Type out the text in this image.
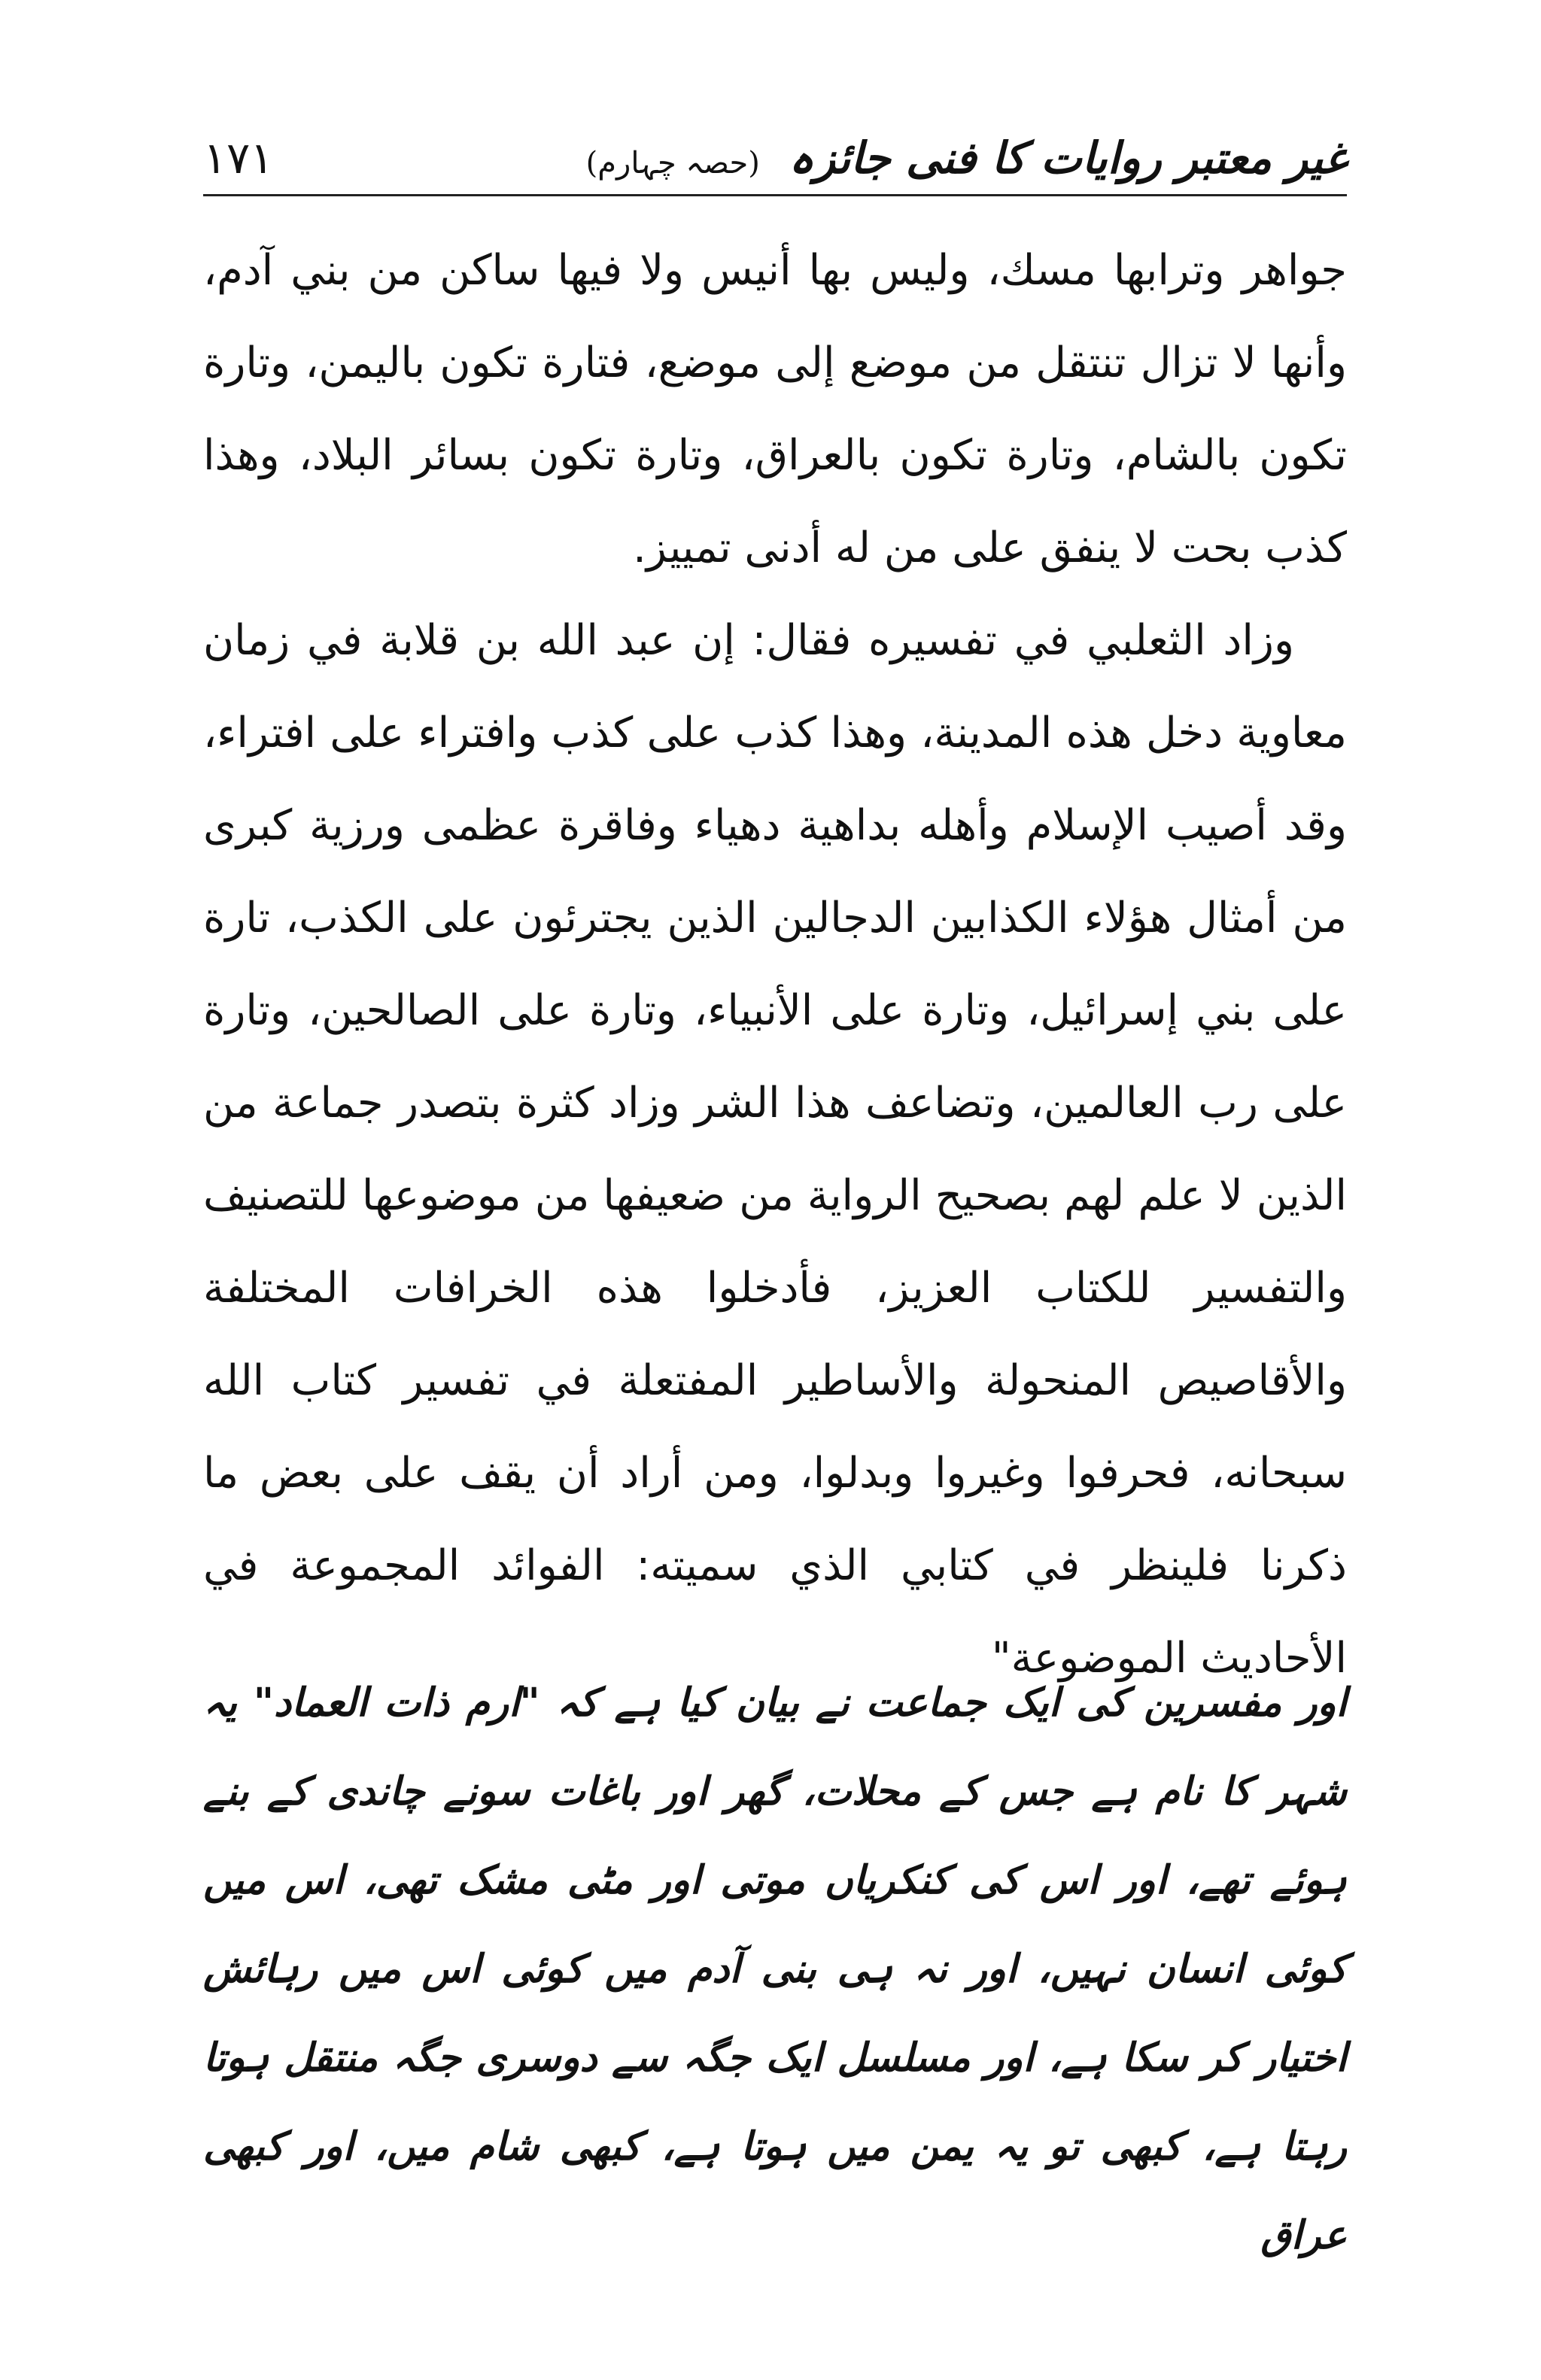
غیر معتبر روایات کا فنی جائزہ (حصہ چہارم)
۱۷۱

جواهر وترابها مسك، وليس بها أنيس ولا فيها ساكن من بني آدم، وأنها لا تزال تنتقل من موضع إلى موضع، فتارة تكون باليمن، وتارة تكون بالشام، وتارة تكون بالعراق، وتارة تكون بسائر البلاد، وهذا كذب بحت لا ينفق على من له أدنى تمييز.

وزاد الثعلبي في تفسيره فقال: إن عبد الله بن قلابة في زمان معاوية دخل هذه المدينة، وهذا كذب على كذب وافتراء على افتراء، وقد أصيب الإسلام وأهله بداهية دهياء وفاقرة عظمى ورزية كبرى من أمثال هؤلاء الكذابين الدجالين الذين يجترئون على الكذب، تارة على بني إسرائيل، وتارة على الأنبياء، وتارة على الصالحين، وتارة على رب العالمين، وتضاعف هذا الشر وزاد كثرة بتصدر جماعة من الذين لا علم لهم بصحيح الرواية من ضعيفها من موضوعها للتصنيف والتفسير للكتاب العزيز، فأدخلوا هذه الخرافات المختلفة والأقاصيص المنحولة والأساطير المفتعلة في تفسير كتاب الله سبحانه، فحرفوا وغيروا وبدلوا، ومن أراد أن يقف على بعض ما ذكرنا فلينظر في كتابي الذي سميته: الفوائد المجموعة في الأحاديث الموضوعة"

اور مفسرین کی ایک جماعت نے بیان کیا ہے کہ "ارم ذات العماد" یہ شہر کا نام ہے جس کے محلات، گھر اور باغات سونے چاندی کے بنے ہوئے تھے، اور اس کی کنکریاں موتی اور مٹی مشک تھی، اس میں کوئی انسان نہیں، اور نہ ہی بنی آدم میں کوئی اس میں رہائش اختیار کر سکا ہے، اور مسلسل ایک جگہ سے دوسری جگہ منتقل ہوتا رہتا ہے، کبھی تو یہ یمن میں ہوتا ہے، کبھی شام میں، اور کبھی عراق
